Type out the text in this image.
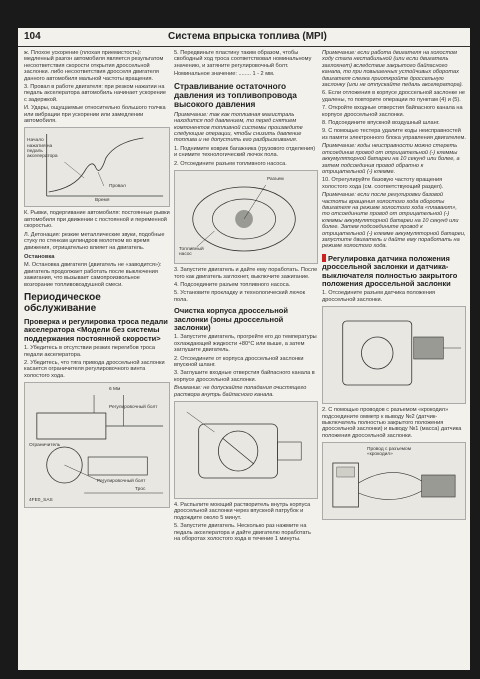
104	Система впрыска топлива (MPI)

ж. Плохое ускорение (плохая приемистость): медленный разгон автомобиля является результатом несоответствия скорости открытия дроссельной заслонки. либо несоответствия дросселя двигателя данного автомобиля мальной частоты вращения.

3. Провал в работе двигателя: при резком нажатии на педаль акселератора автомобиль начинает ускорение с задержкой.

И. Удары, ощущаемые относительно большого толчка или вибрации при ускорении или замедлении автомобиля.

Начало нажатия на педаль акселератора
Провал
Время

К. Рывки, подергивание автомобиля: постоянные рывки автомобиля при движении с постоянной и переменной скоростью.

Л. Детонация: резкие металлические звуки, подобные стуку по стенкам цилиндров молотком во время движения, отрицательно влияет на двигатель.

Остановка

М. Остановка двигателя (двигатель не «заводится»): двигатель продолжает работать после выключения зажигания, что вызывает самопроизвольное возгорание топливовоздушной смеси.

Периодическое обслуживание
Проверка и регулировка троса педали акселератора <Модели без системы поддержания постоянной скорости>

1. Убедитесь в отсутствии резких перегибов троса педали акселератора.

2. Убедитесь, что тяга привода дроссельной заслонки касается ограничителя регулировочного винта холостого хода.

6 Мм
Регулировочный болт
Ограничитель
Регулировочный болт
Трос
4FE0_SAS

5. Передвиньте пластину таким образом, чтобы свободный ход троса соответствовал номинальному значению, и затяните регулировочный болт.

Номинальное значение: ........ 1 - 2 мм.

Стравливание остаточного давления из топливопровода высокого давления

Примечание: так как топливная магистраль находится под давлением, то перед снятием компонентов топливной системы произведите следующие операции, чтобы снизить давление топлива и не допустить его разбрызгивания.

1. Поднимите коврик багажника (грузового отделения) и снимите технологический лючок пола.

2. Отсоедините разъем топливного насоса.

Разъем
Топливный насос

3. Запустите двигатель и дайте ему поработать. После того как двигатель заглохнет, выключите зажигание.

4. Подсоедините разъем топливного насоса.

5. Установите прокладку и технологический лючок пола.

Очистка корпуса дроссельной заслонки (зоны дроссельной заслонки)

1. Запустите двигатель, прогрейте его до температуры охлаждающей жидкости +80°С или выше, а затем заглушите двигатель.

2. Отсоедините от корпуса дроссельной заслонки впускной шланг.

3. Заглушите входные отверстия байпасного канала в корпусе дроссельной заслонки.

Внимание: не допускайте попадания очистящего раствора внутрь байпасного канала.

4. Распылите моющий растворитель внутрь корпуса дроссельной заслонки через впускной патрубок и подождите около 5 минут.

5. Запустите двигатель. Несколько раз нажмите на педаль акселератора и дайте двигателю поработать на оборотах холостого хода в течение 1 минуты.

Примечание: если работа двигателя на холостом ходу стала нестабильной (или если двигатель заглохнет) вследствие закрытого байпасного канала, то при повышенных устойчивых оборотах двигателя слегка приоткройте дроссельную заслонку (или не отпускайте педаль акселератора).

6. Если отложения в корпусе дроссельной заслонке не удалены, то повторите операции по пунктам (4) и (5).

7. Откройте входные отверстия байпасного канала на корпусе дроссельной заслонки.

8. Подсоедините впускной воздушный шланг.

9. С помощью тестера удалите коды неисправностей из памяти электронного блока управления двигателем.

Примечание: коды неисправности можно стереть отсоединив провод от отрицательной (-) клеммы аккумуляторной батареи на 10 секунд или более, а затем подсоединив провод обратно к отрицательной (-) клемме.

10. Отрегулируйте базовую частоту вращения холостого хода (см. соответствующий раздел).

Примечание: если после регулировки базовой частоты вращения холостого хода обороты двигателя на режиме холостого хода «плавают», то отсоедините провод от отрицательной (-) клеммы аккумуляторной батареи на 10 секунд или более. Затем подсоедините провод к отрицательной (-) клемме аккумуляторной батареи, запустите двигатель и дайте ему поработать на режиме холостого хода.

Регулировка датчика положения дроссельной заслонки и датчика-выключателя полностью закрытого положения дроссельной заслонки

1. Отсоедините разъем датчика положения дроссельной заслонки.

2. С помощью проводов с разъемом «крокодил» подсоедините омметр к выводу №2 (датчик-выключатель полностью закрытого положения дроссельной заслонки) и выводу №1 (масса) датчика положения дроссельной заслонки.

Провод с разъемом «крокодил»
